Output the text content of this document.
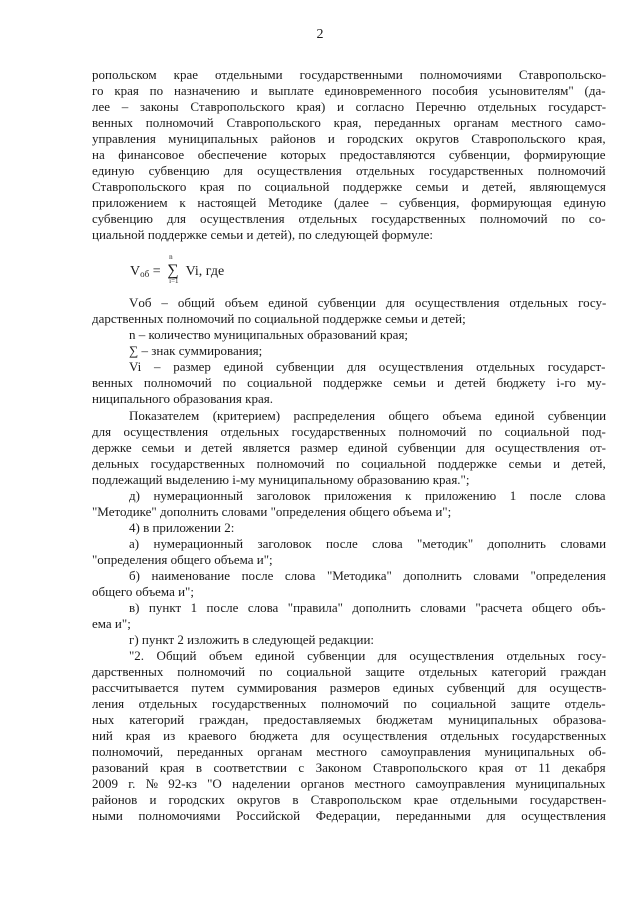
2
ропольском крае отдельными государственными полномочиями Ставропольско-
го края по назначению и выплате единовременного пособия усыновителям" (да-
лее – законы Ставропольского края) и согласно Перечню отдельных государст-
венных полномочий Ставропольского края, переданных органам местного само-
управления муниципальных районов и городских округов Ставропольского края,
на финансовое обеспечение которых предоставляются субвенции, формирующие
единую субвенцию для осуществления отдельных государственных полномочий
Ставропольского края по социальной поддержке семьи и детей, являющемуся
приложением к настоящей Методике (далее – субвенция, формирующая единую
субвенцию для осуществления отдельных государственных полномочий по со-
циальной поддержке семьи и детей), по следующей формуле:
$V_{об}$ =
n
∑
i=1
Vi, где
Vоб – общий объем единой субвенции для осуществления отдельных госу-
дарственных полномочий по социальной поддержке семьи и детей;
n – количество муниципальных образований края;
∑ – знак суммирования;
Vi – размер единой субвенции для осуществления отдельных государст-
венных полномочий по социальной поддержке семьи и детей бюджету i-го му-
ниципального образования края.
Показателем (критерием) распределения общего объема единой субвенции
для осуществления отдельных государственных полномочий по социальной под-
держке семьи и детей является размер единой субвенции для осуществления от-
дельных государственных полномочий по социальной поддержке семьи и детей,
подлежащий выделению i-му муниципальному образованию края.";
д) нумерационный заголовок приложения к приложению 1 после слова
"Методике" дополнить словами "определения общего объема и";
4) в приложении 2:
а) нумерационный заголовок после слова "методик" дополнить словами
"определения общего объема и";
б) наименование после слова "Методика" дополнить словами "определения
общего объема и";
в) пункт 1 после слова "правила" дополнить словами "расчета общего объ-
ема и";
г) пункт 2 изложить в следующей редакции:
"2. Общий объем единой субвенции для осуществления отдельных госу-
дарственных полномочий по социальной защите отдельных категорий граждан
рассчитывается путем суммирования размеров единых субвенций для осуществ-
ления отдельных государственных полномочий по социальной защите отдель-
ных категорий граждан, предоставляемых бюджетам муниципальных образова-
ний края из краевого бюджета для осуществления отдельных государственных
полномочий, переданных органам местного самоуправления муниципальных об-
разований края в соответствии с Законом Ставропольского края от 11 декабря
2009 г. № 92-кз "О наделении органов местного самоуправления муниципальных
районов и городских округов в Ставропольском крае отдельными государствен-
ными полномочиями Российской Федерации, переданными для осуществления
